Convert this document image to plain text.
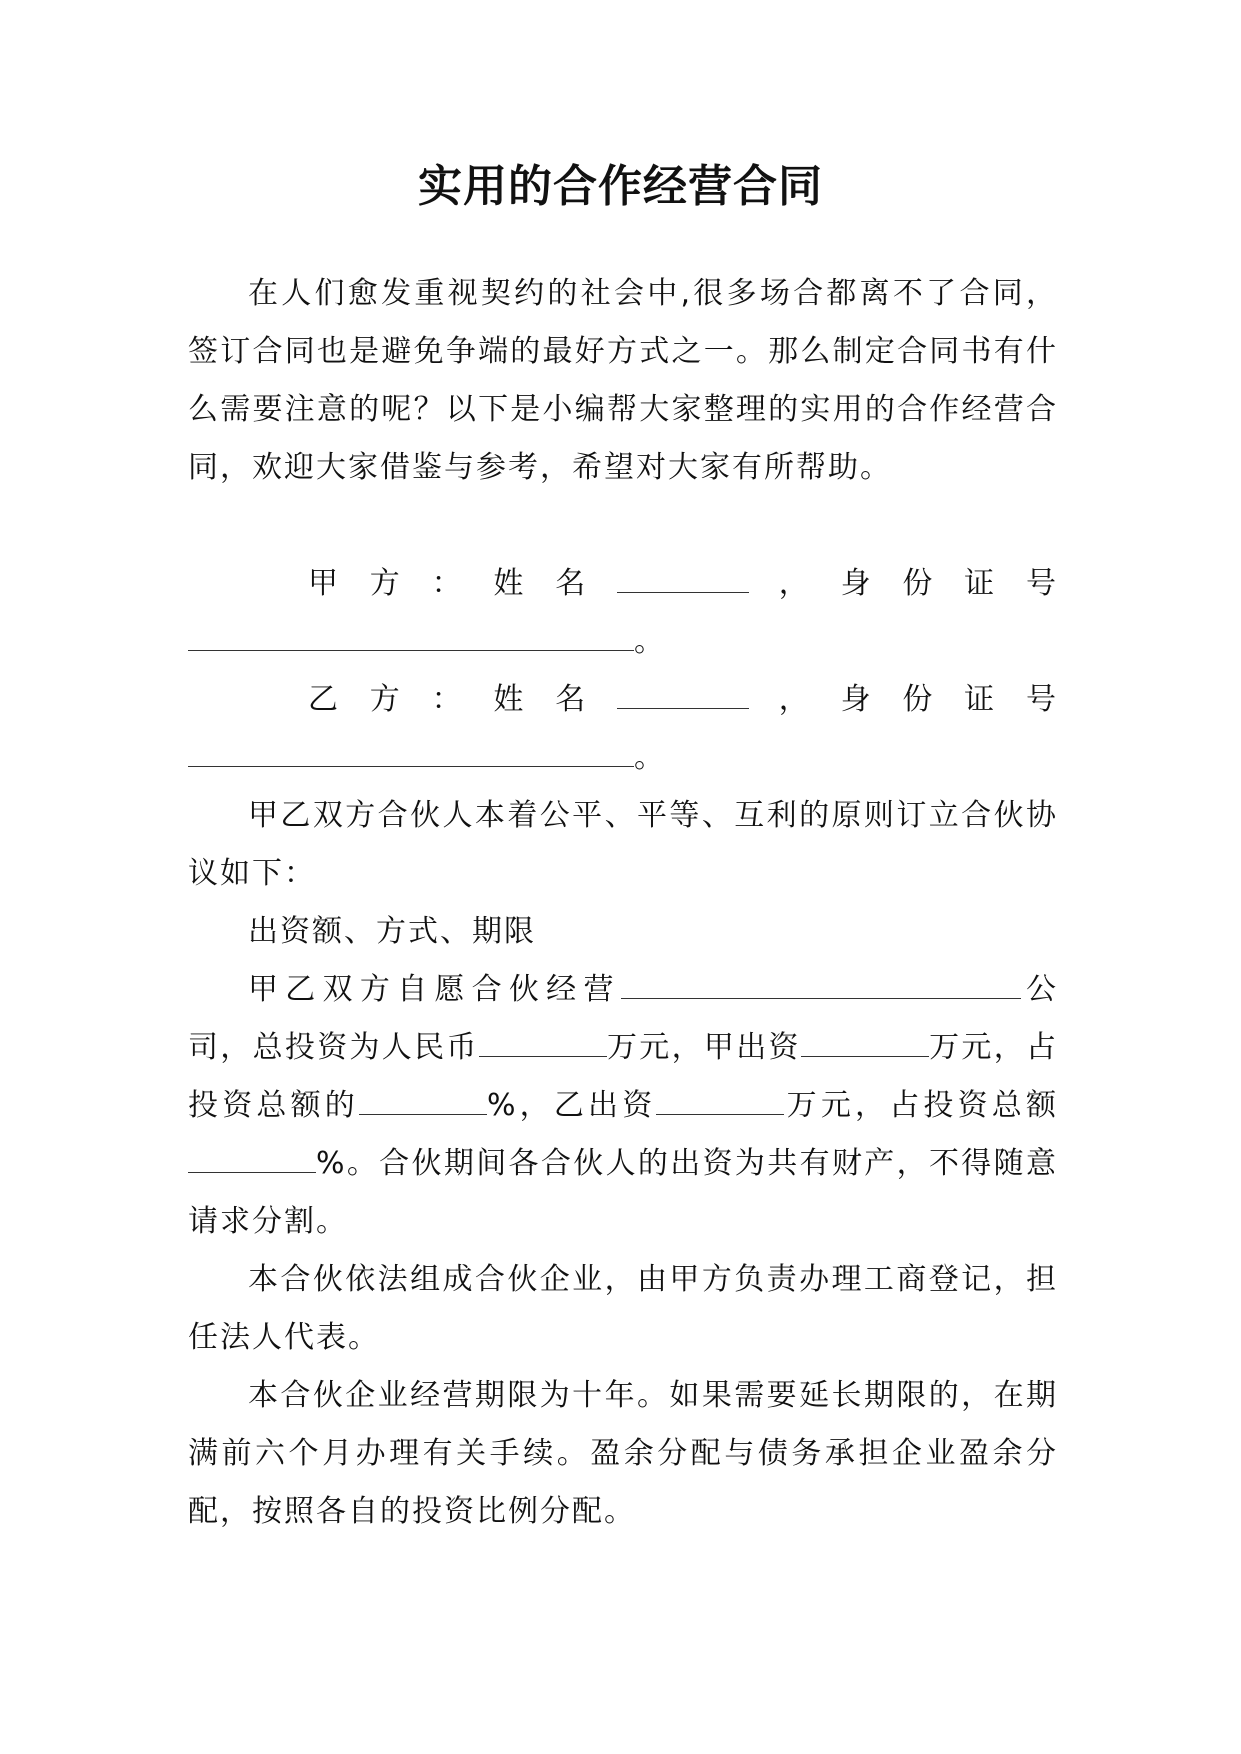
实用的合作经营合同

在人们愈发重视契约的社会中,很多场合都离不了合同，签订合同也是避免争端的最好方式之一。那么制定合同书有什么需要注意的呢？以下是小编帮大家整理的实用的合作经营合同，欢迎大家借鉴与参考，希望对大家有所帮助。

甲 方 ： 姓 名	， 身 份 证 号
。
乙 方 ： 姓 名	， 身 份 证 号
。

甲乙双方合伙人本着公平、平等、互利的原则订立合伙协议如下：

出资额、方式、期限

甲乙双方自愿合伙经营	公司，总投资为人民币	万元，甲出资	万元，占投资总额的	%，乙出资	万元，占投资总额%。合伙期间各合伙人的出资为共有财产，不得随意请求分割。

本合伙依法组成合伙企业，由甲方负责办理工商登记，担任法人代表。

本合伙企业经营期限为十年。如果需要延长期限的，在期满前六个月办理有关手续。盈余分配与债务承担企业盈余分配，按照各自的投资比例分配。
